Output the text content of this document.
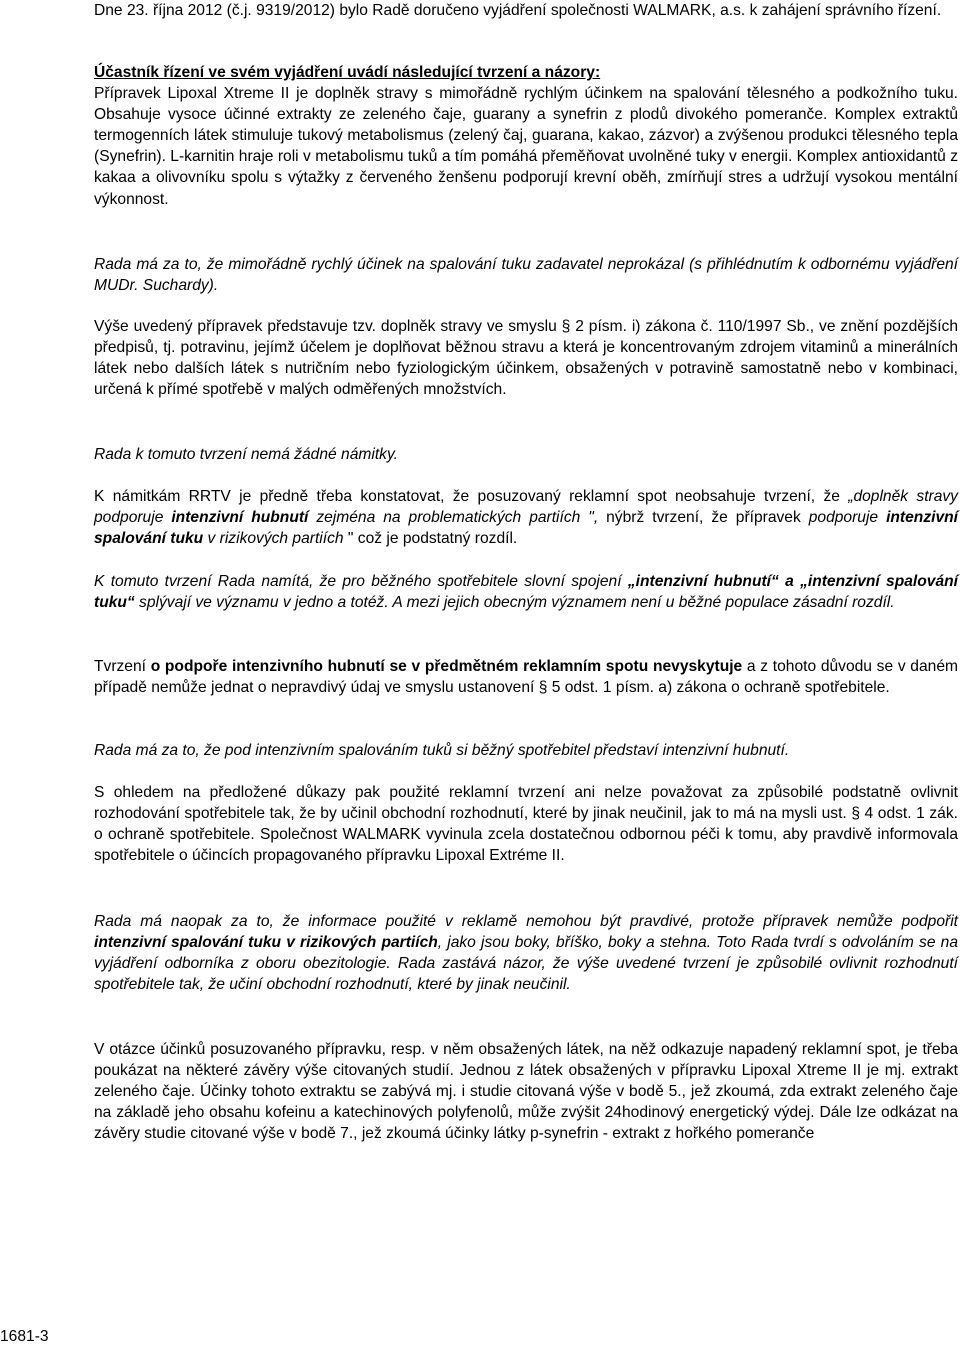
Dne 23. října 2012 (č.j. 9319/2012) bylo Radě doručeno vyjádření společnosti WALMARK, a.s. k zahájení správního řízení.

Účastník řízení ve svém vyjádření uvádí následující tvrzení a názory:
Přípravek Lipoxal Xtreme II je doplněk stravy s mimořádně rychlým účinkem na spalování tělesného a podkožního tuku. Obsahuje vysoce účinné extrakty ze zeleného čaje, guarany a synefrin z plodů divokého pomeranče. Komplex extraktů termogenních látek stimuluje tukový metabolismus (zelený čaj, guarana, kakao, zázvor) a zvýšenou produkci tělesného tepla (Synefrin). L-karnitin hraje roli v metabolismu tuků a tím pomáhá přeměňovat uvolněné tuky v energii. Komplex antioxidantů z kakaa a olivovníku spolu s výtažky z červeného ženšenu podporují krevní oběh, zmírňují stres a udržují vysokou mentální výkonnost.

Rada má za to, že mimořádně rychlý účinek na spalování tuku zadavatel neprokázal (s přihlédnutím k odbornému vyjádření MUDr. Suchardy).

Výše uvedený přípravek představuje tzv. doplněk stravy ve smyslu § 2 písm. i) zákona č. 110/1997 Sb., ve znění pozdějších předpisů, tj. potravinu, jejímž účelem je doplňovat běžnou stravu a která je koncentrovaným zdrojem vitaminů a minerálních látek nebo dalších látek s nutričním nebo fyziologickým účinkem, obsažených v potravině samostatně nebo v kombinaci, určená k přímé spotřebě v malých odměřených množstvích.

Rada k tomuto tvrzení nemá žádné námitky.

K námitkám RRTV je předně třeba konstatovat, že posuzovaný reklamní spot neobsahuje tvrzení, že „doplněk stravy podporuje intenzivní hubnutí zejména na problematických partiích ", nýbrž tvrzení, že přípravek podporuje intenzivní spalování tuku v rizikových partiích " což je podstatný rozdíl.

K tomuto tvrzení Rada namítá, že pro běžného spotřebitele slovní spojení „intenzivní hubnutí“ a „intenzivní spalování tuku“ splývají ve významu v jedno a totéž. A mezi jejich obecným významem není u běžné populace zásadní rozdíl.

Tvrzení o podpoře intenzivního hubnutí se v předmětném reklamním spotu nevyskytuje a z tohoto důvodu se v daném případě nemůže jednat o nepravdivý údaj ve smyslu ustanovení § 5 odst. 1 písm. a) zákona o ochraně spotřebitele.

Rada má za to, že pod intenzivním spalováním tuků si běžný spotřebitel představí intenzivní hubnutí.

S ohledem na předložené důkazy pak použité reklamní tvrzení ani nelze považovat za způsobilé podstatně ovlivnit rozhodování spotřebitele tak, že by učinil obchodní rozhodnutí, které by jinak neučinil, jak to má na mysli ust. § 4 odst. 1 zák. o ochraně spotřebitele. Společnost WALMARK vyvinula zcela dostatečnou odbornou péči k tomu, aby pravdivě informovala spotřebitele o účincích propagovaného přípravku Lipoxal Extréme II.

Rada má naopak za to, že informace použité v reklamě nemohou být pravdivé, protože přípravek nemůže podpořit intenzivní spalování tuku v rizikových partiích, jako jsou boky, bříško, boky a stehna. Toto Rada tvrdí s odvoláním se na vyjádření odborníka z oboru obezitologie. Rada zastává názor, že výše uvedené tvrzení je způsobilé ovlivnit rozhodnutí spotřebitele tak, že učiní obchodní rozhodnutí, které by jinak neučinil.

V otázce účinků posuzovaného přípravku, resp. v něm obsažených látek, na něž odkazuje napadený reklamní spot, je třeba poukázat na některé závěry výše citovaných studií. Jednou z látek obsažených v přípravku Lipoxal Xtreme II je mj. extrakt zeleného čaje. Účinky tohoto extraktu se zabývá mj. i studie citovaná výše v bodě 5., jež zkoumá, zda extrakt zeleného čaje na základě jeho obsahu kofeinu a katechinových polyfenolů, může zvýšit 24hodinový energetický výdej. Dále lze odkázat na závěry studie citované výše v bodě 7., jež zkoumá účinky látky p-synefrin - extrakt z hořkého pomeranče

1681-3
